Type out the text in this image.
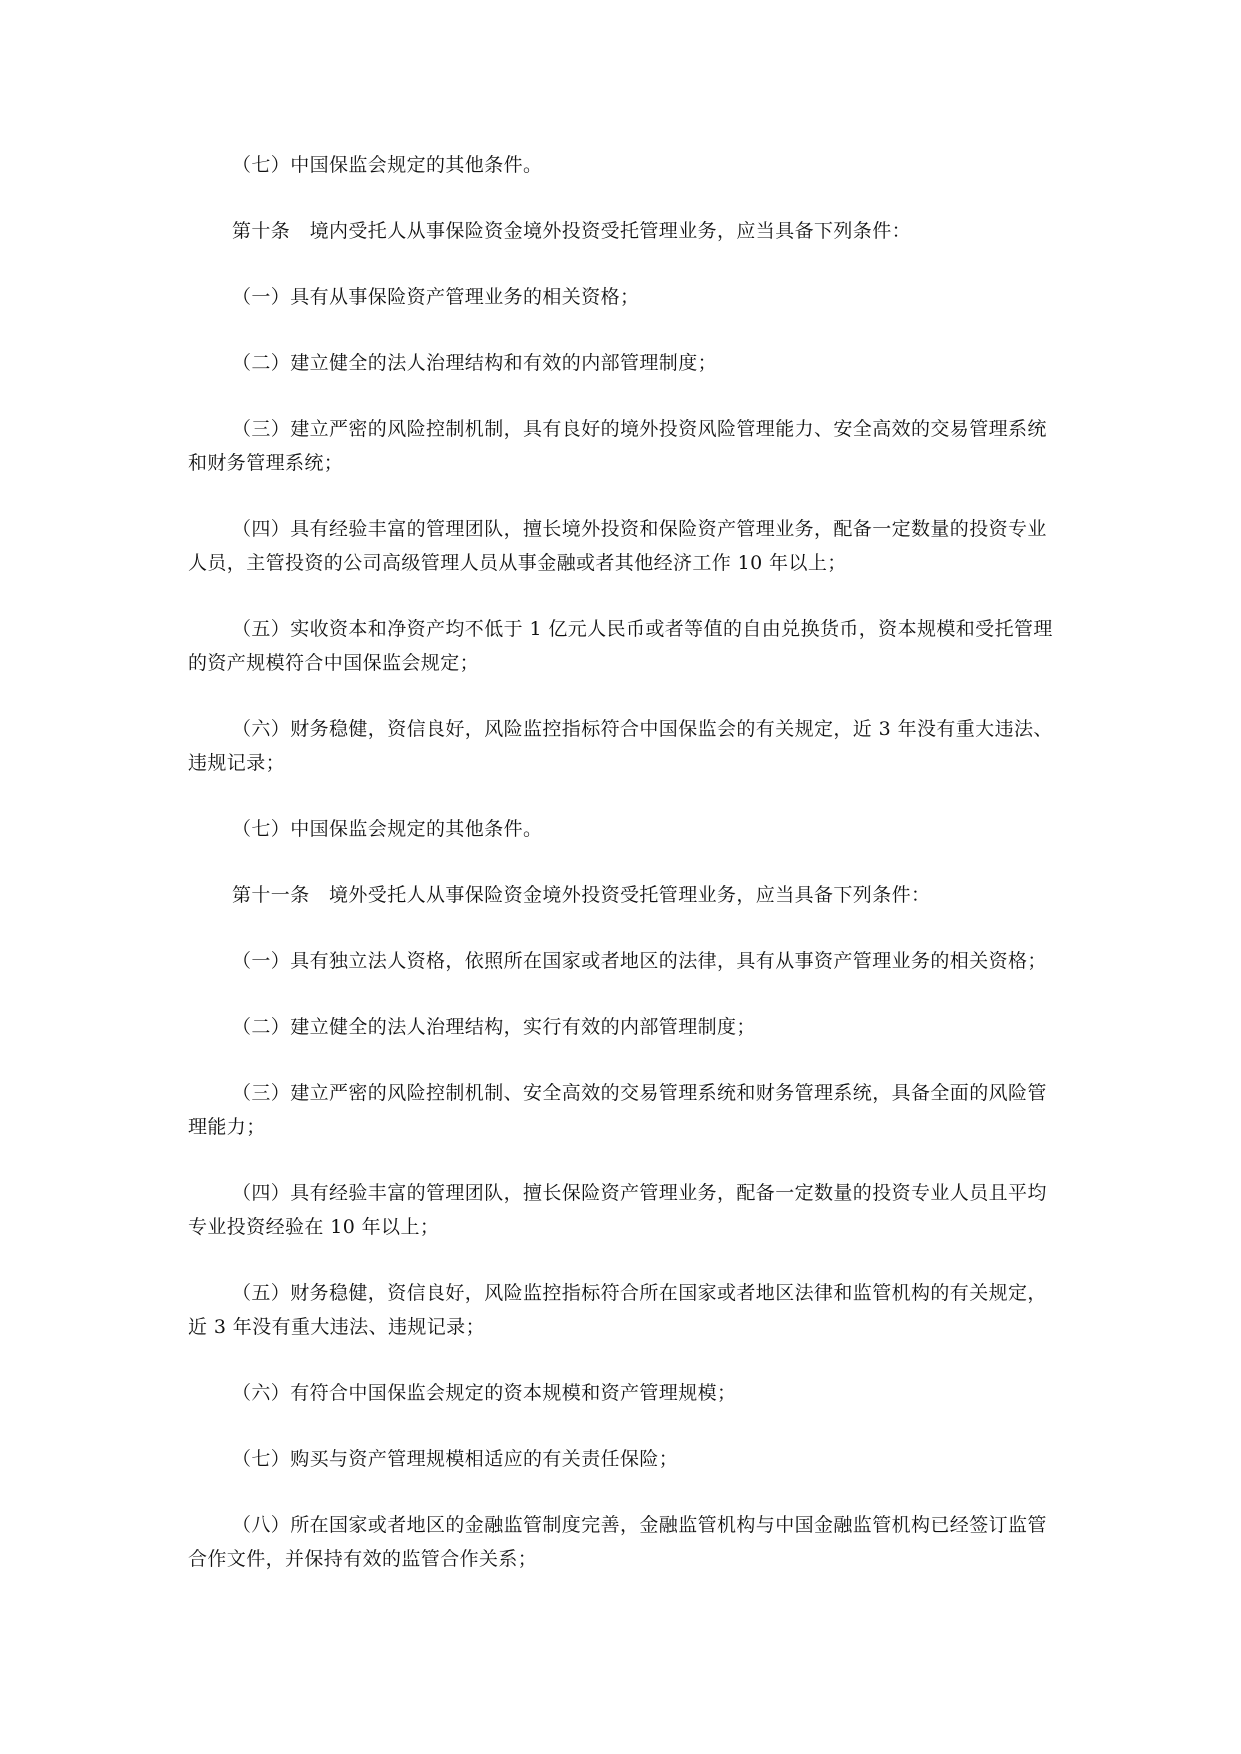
（七）中国保监会规定的其他条件。

第十条　境内受托人从事保险资金境外投资受托管理业务，应当具备下列条件：

（一）具有从事保险资产管理业务的相关资格；

（二）建立健全的法人治理结构和有效的内部管理制度；

（三）建立严密的风险控制机制，具有良好的境外投资风险管理能力、安全高效的交易管理系统和财务管理系统；

（四）具有经验丰富的管理团队，擅长境外投资和保险资产管理业务，配备一定数量的投资专业人员，主管投资的公司高级管理人员从事金融或者其他经济工作 10 年以上；

（五）实收资本和净资产均不低于 1 亿元人民币或者等值的自由兑换货币，资本规模和受托管理的资产规模符合中国保监会规定；

（六）财务稳健，资信良好，风险监控指标符合中国保监会的有关规定，近 3 年没有重大违法、违规记录；

（七）中国保监会规定的其他条件。

第十一条　境外受托人从事保险资金境外投资受托管理业务，应当具备下列条件：

（一）具有独立法人资格，依照所在国家或者地区的法律，具有从事资产管理业务的相关资格；

（二）建立健全的法人治理结构，实行有效的内部管理制度；

（三）建立严密的风险控制机制、安全高效的交易管理系统和财务管理系统，具备全面的风险管理能力；

（四）具有经验丰富的管理团队，擅长保险资产管理业务，配备一定数量的投资专业人员且平均专业投资经验在 10 年以上；

（五）财务稳健，资信良好，风险监控指标符合所在国家或者地区法律和监管机构的有关规定，近 3 年没有重大违法、违规记录；

（六）有符合中国保监会规定的资本规模和资产管理规模；

（七）购买与资产管理规模相适应的有关责任保险；

（八）所在国家或者地区的金融监管制度完善，金融监管机构与中国金融监管机构已经签订监管合作文件，并保持有效的监管合作关系；
